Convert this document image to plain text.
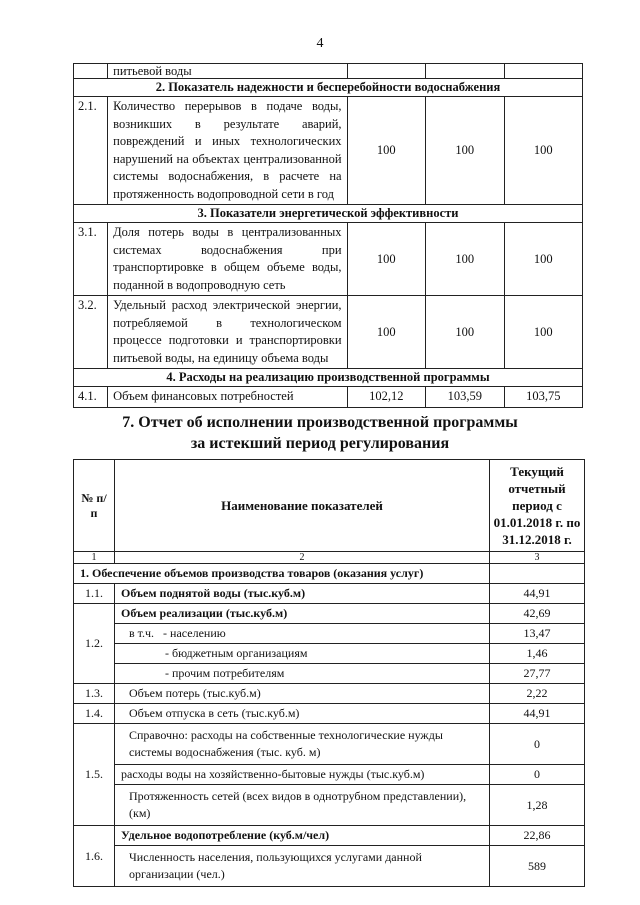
4
	питьевой воды			
2. Показатель надежности и бесперебойности водоснабжения				
2.1.	Количество перерывов в подаче воды, возникших в результате аварий, повреждений и иных технологических нарушений на объектах централизованной системы водоснабжения, в расчете на протяженность водопроводной сети в год	100	100	100
3. Показатели энергетической эффективности				
3.1.	Доля потерь воды в централизованных системах водоснабжения при транспортировке в общем объеме воды, поданной в водопроводную сеть	100	100	100
3.2.	Удельный расход электрической энергии, потребляемой в технологическом процессе подготовки и транспортировки питьевой воды, на единицу объема воды	100	100	100
4. Расходы на реализацию производственной программы				
4.1.	Объем финансовых потребностей	102,12	103,59	103,75
7. Отчет об исполнении производственной программы
за истекший период регулирования
№ п/п	Наименование показателей	Текущий отчетный период с 01.01.2018 г. по 31.12.2018 г.
1	2	3
1. Обеспечение объемов производства товаров (оказания услуг)		
1.1.	Объем поднятой воды (тыс.куб.м)	44,91
1.2.	Объем реализации (тыс.куб.м)	42,69
	в т.ч. - населению	13,47
	- бюджетным организациям	1,46
	- прочим потребителям	27,77
1.3.	Объем потерь (тыс.куб.м)	2,22
1.4.	Объем отпуска в сеть (тыс.куб.м)	44,91
1.5.	Справочно: расходы на собственные технологические нужды системы водоснабжения (тыс. куб. м)	0
	расходы воды на хозяйственно-бытовые нужды (тыс.куб.м)	0
	Протяженность сетей (всех видов в однотрубном представлении), (км)	1,28
1.6.	Удельное водопотребление (куб.м/чел)	22,86
	Численность населения, пользующихся услугами данной организации (чел.)	589
